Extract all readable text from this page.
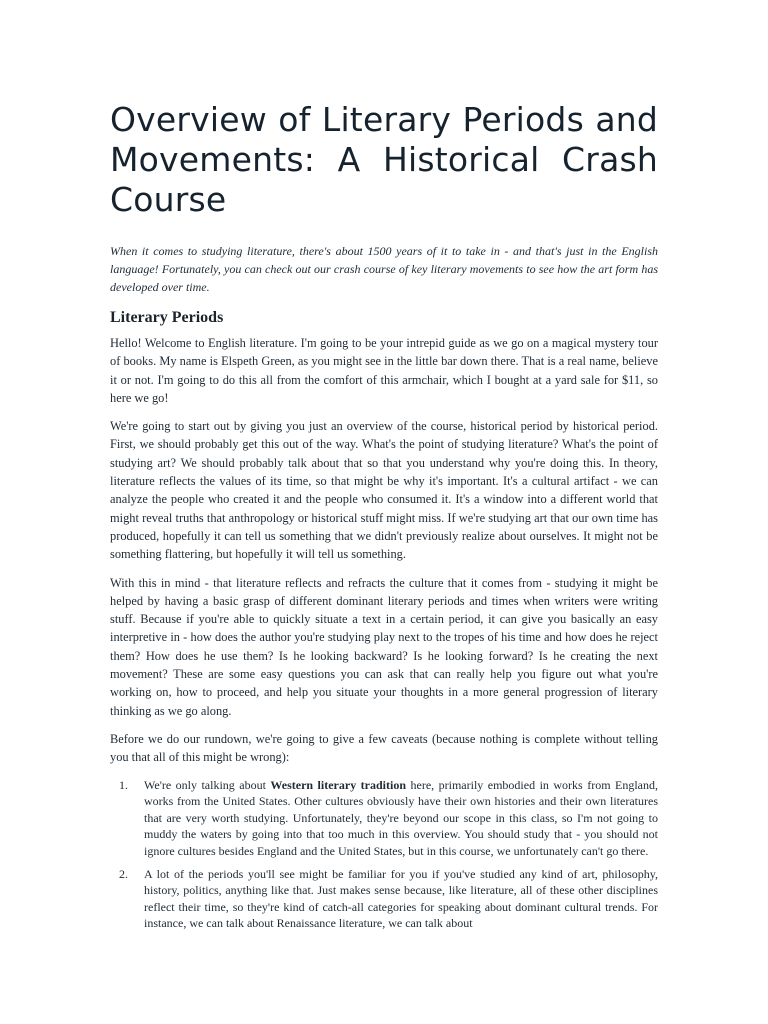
Overview of Literary Periods and Movements: A Historical Crash Course

When it comes to studying literature, there's about 1500 years of it to take in - and that's just in the English language! Fortunately, you can check out our crash course of key literary movements to see how the art form has developed over time.

Literary Periods

Hello! Welcome to English literature. I'm going to be your intrepid guide as we go on a magical mystery tour of books. My name is Elspeth Green, as you might see in the little bar down there. That is a real name, believe it or not. I'm going to do this all from the comfort of this armchair, which I bought at a yard sale for $11, so here we go!

We're going to start out by giving you just an overview of the course, historical period by historical period. First, we should probably get this out of the way. What's the point of studying literature? What's the point of studying art? We should probably talk about that so that you understand why you're doing this. In theory, literature reflects the values of its time, so that might be why it's important. It's a cultural artifact - we can analyze the people who created it and the people who consumed it. It's a window into a different world that might reveal truths that anthropology or historical stuff might miss. If we're studying art that our own time has produced, hopefully it can tell us something that we didn't previously realize about ourselves. It might not be something flattering, but hopefully it will tell us something.

With this in mind - that literature reflects and refracts the culture that it comes from - studying it might be helped by having a basic grasp of different dominant literary periods and times when writers were writing stuff. Because if you're able to quickly situate a text in a certain period, it can give you basically an easy interpretive in - how does the author you're studying play next to the tropes of his time and how does he reject them? How does he use them? Is he looking backward? Is he looking forward? Is he creating the next movement? These are some easy questions you can ask that can really help you figure out what you're working on, how to proceed, and help you situate your thoughts in a more general progression of literary thinking as we go along.

Before we do our rundown, we're going to give a few caveats (because nothing is complete without telling you that all of this might be wrong):

1. We're only talking about Western literary tradition here, primarily embodied in works from England, works from the United States. Other cultures obviously have their own histories and their own literatures that are very worth studying. Unfortunately, they're beyond our scope in this class, so I'm not going to muddy the waters by going into that too much in this overview. You should study that - you should not ignore cultures besides England and the United States, but in this course, we unfortunately can't go there.
2. A lot of the periods you'll see might be familiar for you if you've studied any kind of art, philosophy, history, politics, anything like that. Just makes sense because, like literature, all of these other disciplines reflect their time, so they're kind of catch-all categories for speaking about dominant cultural trends. For instance, we can talk about Renaissance literature, we can talk about
